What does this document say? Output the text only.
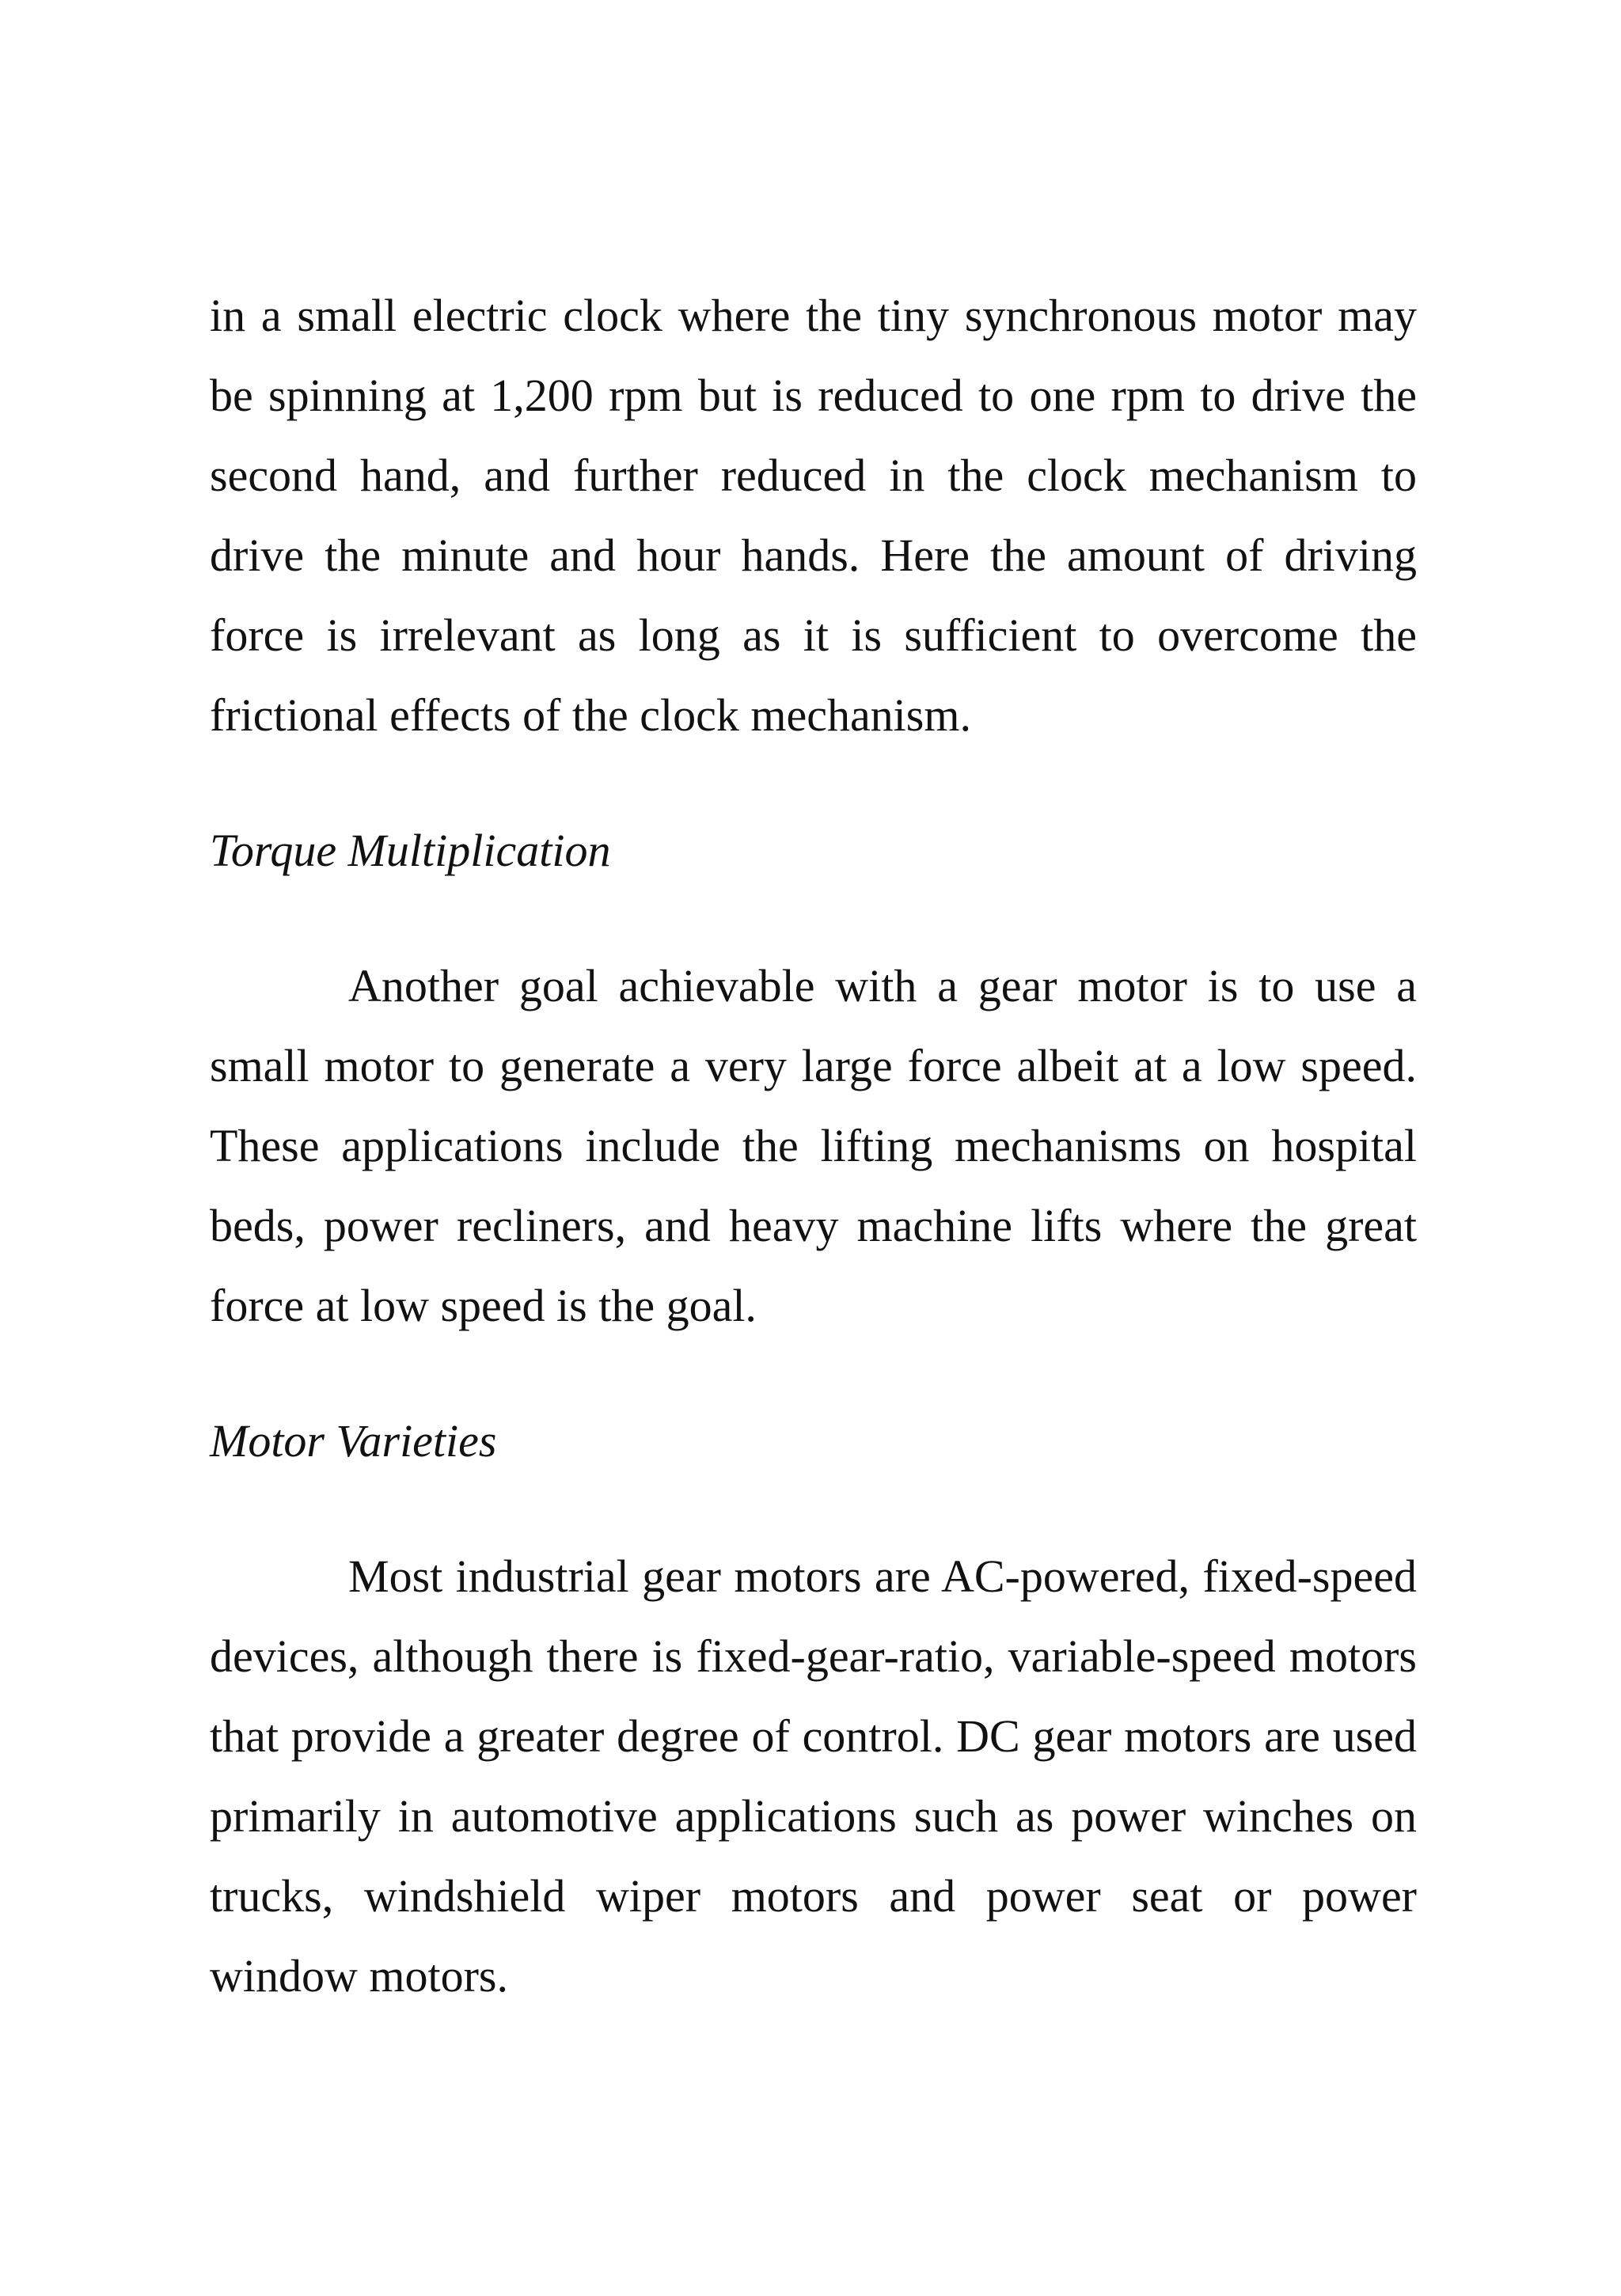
in a small electric clock where the tiny synchronous motor may be spinning at 1,200 rpm but is reduced to one rpm to drive the second hand, and further reduced in the clock mechanism to drive the minute and hour hands. Here the amount of driving force is irrelevant as long as it is sufficient to overcome the frictional effects of the clock mechanism.

Torque Multiplication

Another goal achievable with a gear motor is to use a small motor to generate a very large force albeit at a low speed. These applications include the lifting mechanisms on hospital beds, power recliners, and heavy machine lifts where the great force at low speed is the goal.

Motor Varieties

Most industrial gear motors are AC-powered, fixed-speed devices, although there is fixed-gear-ratio, variable-speed motors that provide a greater degree of control. DC gear motors are used primarily in automotive applications such as power winches on trucks, windshield wiper motors and power seat or power window motors.
